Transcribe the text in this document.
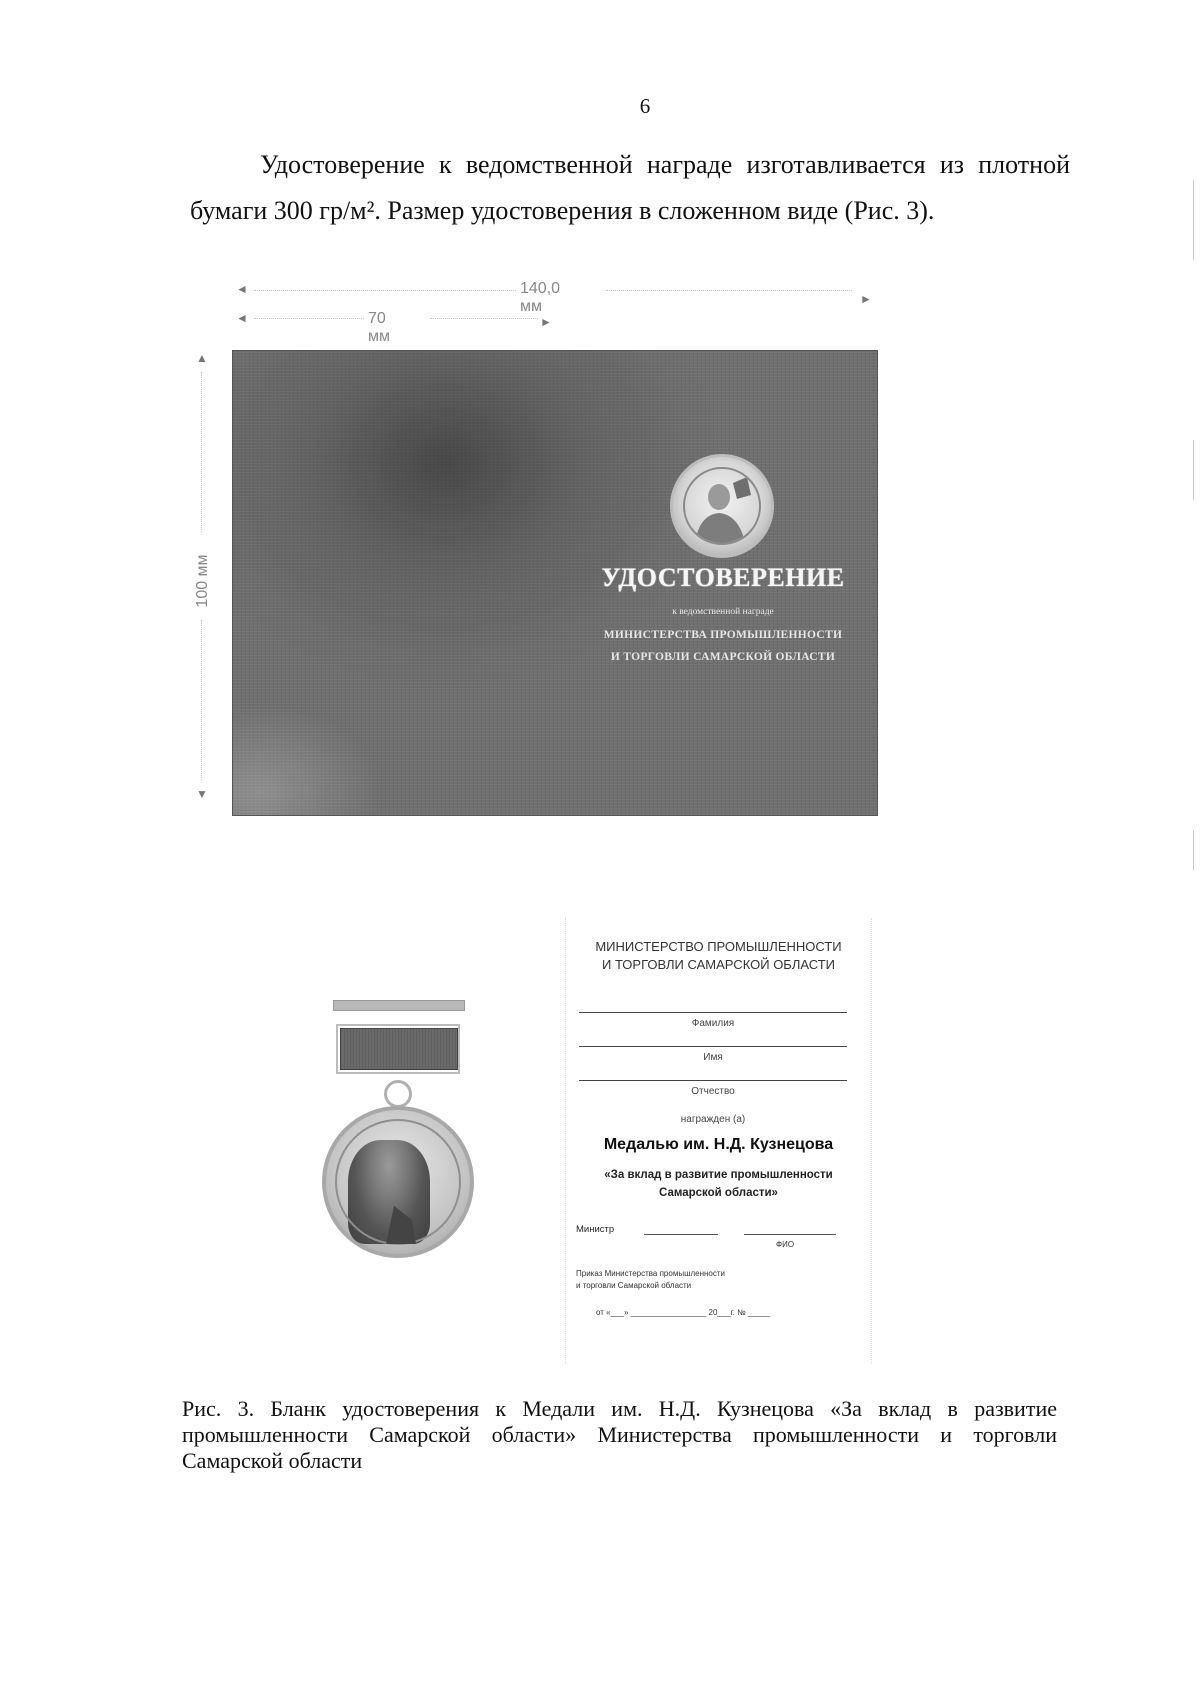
6
Удостоверение к ведомственной награде изготавливается из плотной
бумаги 300 гр/м². Размер удостоверения в сложенном виде (Рис. 3).
◄	140,0 мм	►
◄	70 мм
►
▲
100 мм
▼
УДОСТОВЕРЕНИЕ
к ведомственной награде
МИНИСТЕРСТВА ПРОМЫШЛЕННОСТИ
И ТОРГОВЛИ САМАРСКОЙ ОБЛАСТИ
МИНИСТЕРСТВО ПРОМЫШЛЕННОСТИ
И ТОРГОВЛИ САМАРСКОЙ ОБЛАСТИ
Фамилия
Имя
Отчество
награжден (а)
Медалью им. Н.Д. Кузнецова
«За вклад в развитие промышленности
Самарской области»
Министр
ФИО
Приказ Министерства промышленности
и торговли Самарской области
от «___» _________________ 20___г. № _____
Рис. 3. Бланк удостоверения к Медали им. Н.Д. Кузнецова «За вклад в развитие
промышленности Самарской области» Министерства промышленности и торговли
Самарской области
